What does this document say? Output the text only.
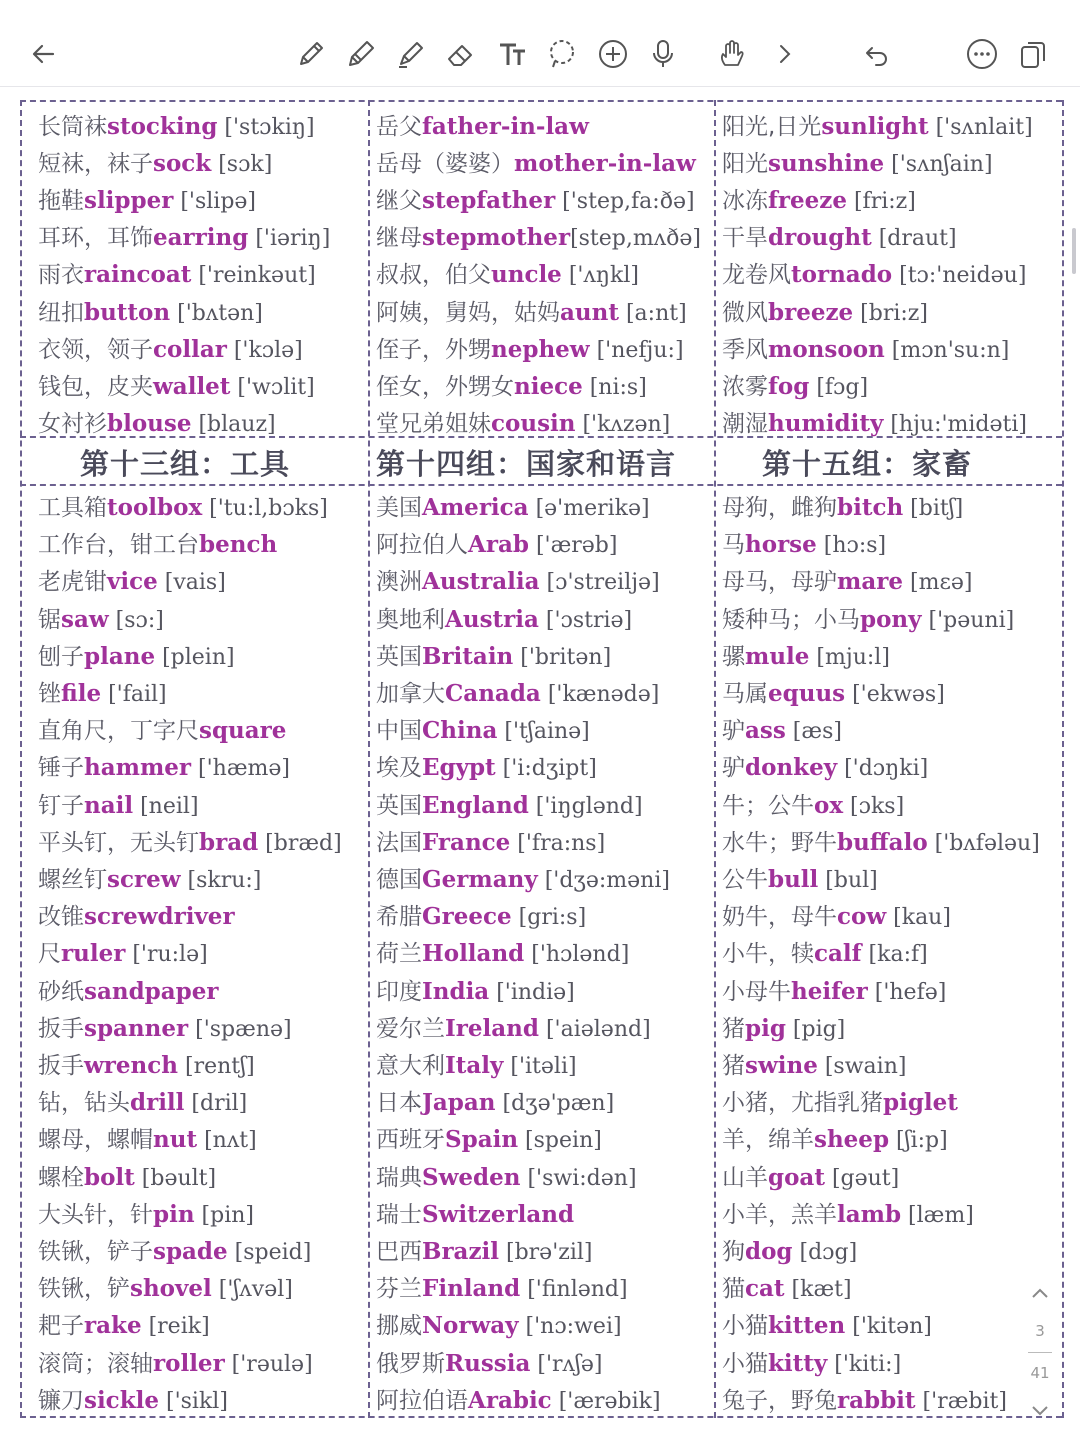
长筒袜stocking ['stɔkiŋ]
短袜，袜子sock [sɔk]
拖鞋slipper ['slipə]
耳环，耳饰earring ['iəriŋ]
雨衣raincoat ['reinkəut]
纽扣button ['bʌtən]
衣领，领子collar ['kɔlə]
钱包，皮夹wallet ['wɔlit]
女衬衫blouse [blauz]
第十三组：工具
工具箱toolbox ['tu:l,bɔks]
工作台，钳工台bench
老虎钳vice [vais]
锯saw [sɔ:]
刨子plane [plein]
锉file ['fail]
直角尺，丁字尺square
锤子hammer ['hæmə]
钉子nail [neil]
平头钉，无头钉brad [bræd]
螺丝钉screw [skru:]
改锥screwdriver
尺ruler ['ru:lə]
砂纸sandpaper
扳手spanner ['spænə]
扳手wrench [rentʃ]
钻，钻头drill [dril]
螺母，螺帽nut [nʌt]
螺栓bolt [bəult]
大头针，针pin [pin]
铁锹，铲子spade [speid]
铁锹，铲shovel ['ʃʌvəl]
耙子rake [reik]
滚筒；滚轴roller ['rəulə]
镰刀sickle ['sikl]
岳父father-in-law
岳母（婆婆）mother-in-law
继父stepfather ['step,fa:ðə]
继母stepmother[step,mʌðə]
叔叔，伯父uncle ['ʌŋkl]
阿姨，舅妈，姑妈aunt [a:nt]
侄子，外甥nephew ['nefju:]
侄女，外甥女niece [ni:s]
堂兄弟姐妹cousin ['kʌzən]
第十四组：国家和语言
美国America [ə'merikə]
阿拉伯人Arab ['ærəb]
澳洲Australia [ɔ'streiljə]
奥地利Austria ['ɔstriə]
英国Britain ['britən]
加拿大Canada ['kænədə]
中国China ['tʃainə]
埃及Egypt ['i:dʒipt]
英国England ['iŋglənd]
法国France ['fra:ns]
德国Germany ['dʒə:məni]
希腊Greece [gri:s]
荷兰Holland ['hɔlənd]
印度India ['indiə]
爱尔兰Ireland ['aiələnd]
意大利Italy ['itəli]
日本Japan [dʒə'pæn]
西班牙Spain [spein]
瑞典Sweden ['swi:dən]
瑞士Switzerland
巴西Brazil [brə'zil]
芬兰Finland ['finlənd]
挪威Norway ['nɔ:wei]
俄罗斯Russia ['rʌʃə]
阿拉伯语Arabic ['ærəbik]
阳光,日光sunlight ['sʌnlait]
阳光sunshine ['sʌnʃain]
冰冻freeze [fri:z]
干旱drought [draut]
龙卷风tornado [tɔ:'neidəu]
微风breeze [bri:z]
季风monsoon [mɔn'su:n]
浓雾fog [fɔg]
潮湿humidity [hju:'midəti]
第十五组：家畜
母狗，雌狗bitch [bitʃ]
马horse [hɔ:s]
母马，母驴mare [mɛə]
矮种马；小马pony ['pəuni]
骡mule [mju:l]
马属equus ['ekwəs]
驴ass [æs]
驴donkey ['dɔŋki]
牛；公牛ox [ɔks]
水牛；野牛buffalo ['bʌfələu]
公牛bull [bul]
奶牛，母牛cow [kau]
小牛，犊calf [ka:f]
小母牛heifer ['hefə]
猪pig [pig]
猪swine [swain]
小猪，尤指乳猪piglet
羊，绵羊sheep [ʃi:p]
山羊goat [gəut]
小羊，羔羊lamb [læm]
狗dog [dɔg]
猫cat [kæt]
小猫kitten ['kitən]
小猫kitty ['kiti:]
兔子，野兔rabbit ['ræbit]
3
41
